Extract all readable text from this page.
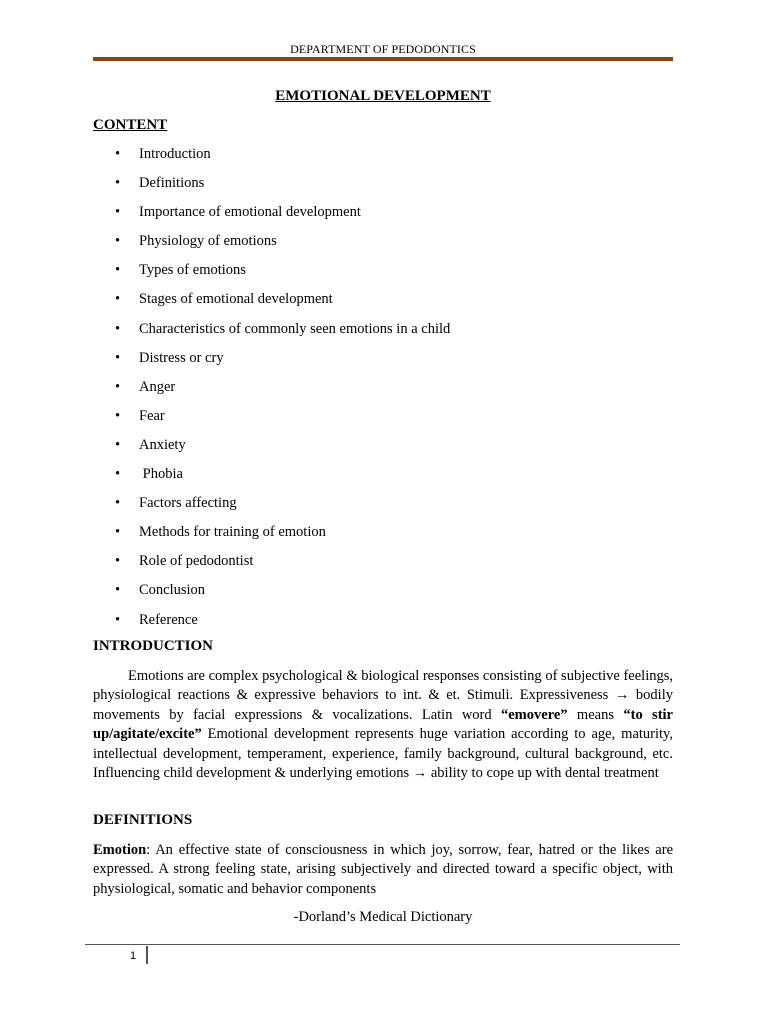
DEPARTMENT OF PEDODONTICS
EMOTIONAL DEVELOPMENT
CONTENT
• Introduction
• Definitions
• Importance of emotional development
• Physiology of emotions
• Types of emotions
• Stages of emotional development
• Characteristics of commonly seen emotions in a child
• Distress or cry
• Anger
• Fear
• Anxiety
• Phobia
• Factors affecting
• Methods for training of emotion
• Role of pedodontist
• Conclusion
• Reference
INTRODUCTION
Emotions are complex psychological & biological responses consisting of subjective feelings, physiological reactions & expressive behaviors to int. & et. Stimuli. Expressiveness → bodily movements by facial expressions & vocalizations. Latin word “emovere” means “to stir up/agitate/excite” Emotional development represents huge variation according to age, maturity, intellectual development, temperament, experience, family background, cultural background, etc. Influencing child development & underlying emotions → ability to cope up with dental treatment
DEFINITIONS
Emotion: An effective state of consciousness in which joy, sorrow, fear, hatred or the likes are expressed. A strong feeling state, arising subjectively and directed toward a specific object, with physiological, somatic and behavior components
-Dorland’s Medical Dictionary
1
